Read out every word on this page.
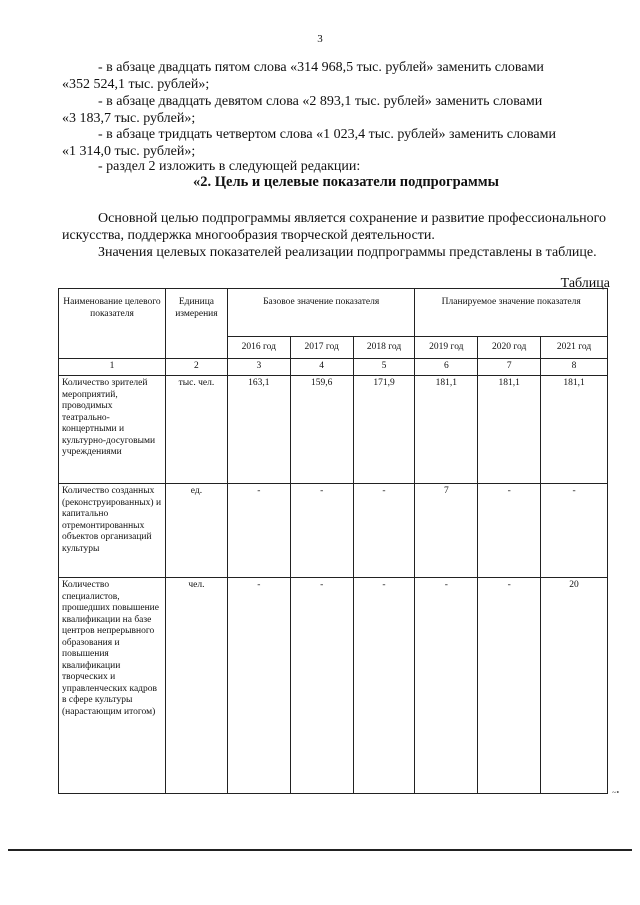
3
- в абзаце двадцать пятом слова «314 968,5 тыс. рублей» заменить словами
«352 524,1 тыс. рублей»;
- в абзаце двадцать девятом слова «2 893,1 тыс. рублей» заменить словами
«3 183,7 тыс. рублей»;
- в абзаце тридцать четвертом слова «1 023,4 тыс. рублей» заменить словами
«1 314,0 тыс. рублей»;
- раздел 2 изложить в следующей редакции:
«2. Цель и целевые показатели подпрограммы
Основной целью подпрограммы является сохранение и развитие профессионального искусства, поддержка многообразия творческой деятельности.
Значения целевых показателей реализации подпрограммы представлены в таблице.
Таблица
Наименование целевого показателя	Единица измерения	Базовое значение показателя			Планируемое значение показателя		
		2016 год	2017 год	2018 год	2019 год	2020 год	2021 год
1	2	3	4	5	6	7	8
Количество зрителей мероприятий, проводимых театрально-концертными и культурно-досуговыми учреждениями	тыс. чел.	163,1	159,6	171,9	181,1	181,1	181,1
Количество созданных (реконструированных) и капитально отремонтированных объектов организаций культуры	ед.	-	-	-	7	-	-
Количество специалистов, прошедших повышение квалификации на базе центров непрерывного образования и повышения квалификации творческих и управленческих кадров в сфере культуры (нарастающим итогом)	чел.	-	-	-	-	-	20
~•
